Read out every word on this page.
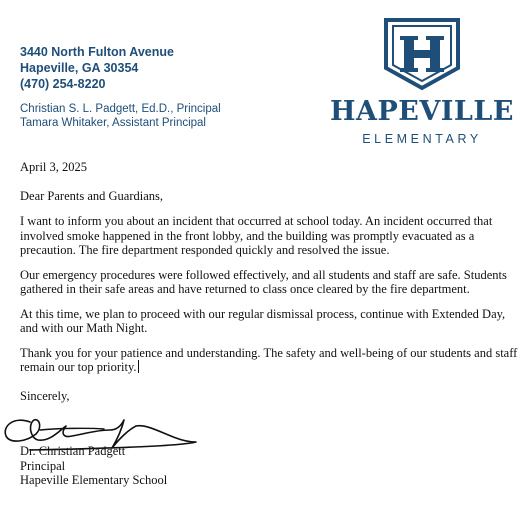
3440 North Fulton Avenue
Hapeville, GA 30354
(470) 254-8220
Christian S. L. Padgett, Ed.D., Principal
Tamara Whitaker, Assistant Principal
H
HAPEVILLE
ELEMENTARY

April 3, 2025

Dear Parents and Guardians,

I want to inform you about an incident that occurred at school today. An incident occurred that involved smoke happened in the front lobby, and the building was promptly evacuated as a precaution. The fire department responded quickly and resolved the issue.

Our emergency procedures were followed effectively, and all students and staff are safe. Students gathered in their safe areas and have returned to class once cleared by the fire department.

At this time, we plan to proceed with our regular dismissal process, continue with Extended Day, and with our Math Night.

Thank you for your patience and understanding. The safety and well-being of our students and staff remain our top priority.

Sincerely,

Dr. Christian Padgett
Principal
Hapeville Elementary School
